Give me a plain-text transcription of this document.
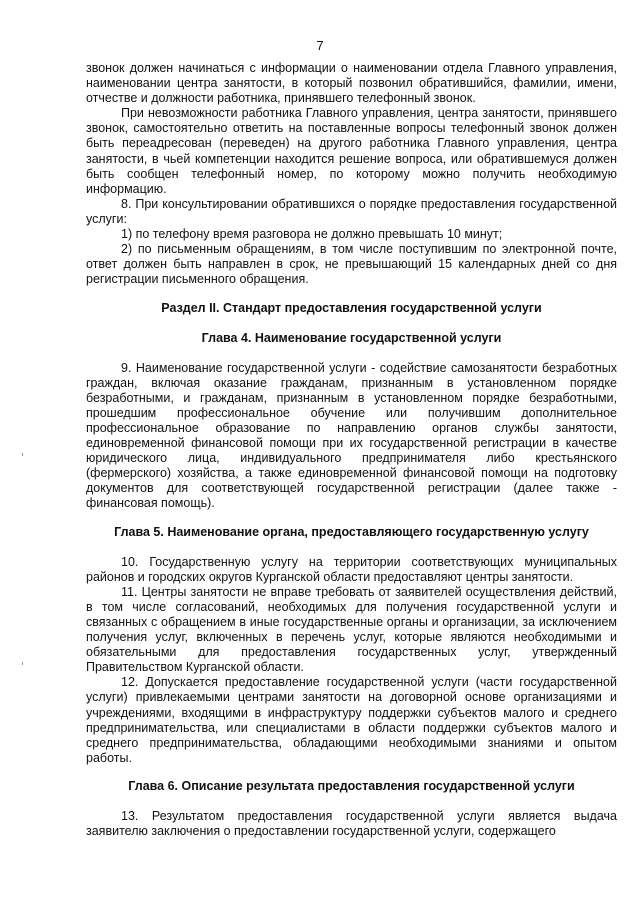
7

звонок должен начинаться с информации о наименовании отдела Главного управления, наименовании центра занятости, в который позвонил обратившийся, фамилии, имени, отчестве и должности работника, принявшего телефонный звонок.

При невозможности работника Главного управления, центра занятости, принявшего звонок, самостоятельно ответить на поставленные вопросы телефонный звонок должен быть переадресован (переведен) на другого работника Главного управления, центра занятости, в чьей компетенции находится решение вопроса, или обратившемуся должен быть сообщен телефонный номер, по которому можно получить необходимую информацию.

8. При консультировании обратившихся о порядке предоставления государственной услуги:

1) по телефону время разговора не должно превышать 10 минут;

2) по письменным обращениям, в том числе поступившим по электронной почте, ответ должен быть направлен в срок, не превышающий 15 календарных дней со дня регистрации письменного обращения.

Раздел II. Стандарт предоставления государственной услуги
Глава 4. Наименование государственной услуги

9. Наименование государственной услуги - содействие самозанятости безработных граждан, включая оказание гражданам, признанным в установленном порядке безработными, и гражданам, признанным в установленном порядке безработными, прошедшим профессиональное обучение или получившим дополнительное профессиональное образование по направлению органов службы занятости, единовременной финансовой помощи при их государственной регистрации в качестве юридического лица, индивидуального предпринимателя либо крестьянского (фермерского) хозяйства, а также единовременной финансовой помощи на подготовку документов для соответствующей государственной регистрации (далее также - финансовая помощь).

Глава 5. Наименование органа, предоставляющего государственную услугу

10. Государственную услугу на территории соответствующих муниципальных районов и городских округов Курганской области предоставляют центры занятости.

11. Центры занятости не вправе требовать от заявителей осуществления действий, в том числе согласований, необходимых для получения государственной услуги и связанных с обращением в иные государственные органы и организации, за исключением получения услуг, включенных в перечень услуг, которые являются необходимыми и обязательными для предоставления государственных услуг, утвержденный Правительством Курганской области.

12. Допускается предоставление государственной услуги (части государственной услуги) привлекаемыми центрами занятости на договорной основе организациями и учреждениями, входящими в инфраструктуру поддержки субъектов малого и среднего предпринимательства, или специалистами в области поддержки субъектов малого и среднего предпринимательства, обладающими необходимыми знаниями и опытом работы.

Глава 6. Описание результата предоставления государственной услуги

13. Результатом предоставления государственной услуги является выдача заявителю заключения о предоставлении государственной услуги, содержащего
